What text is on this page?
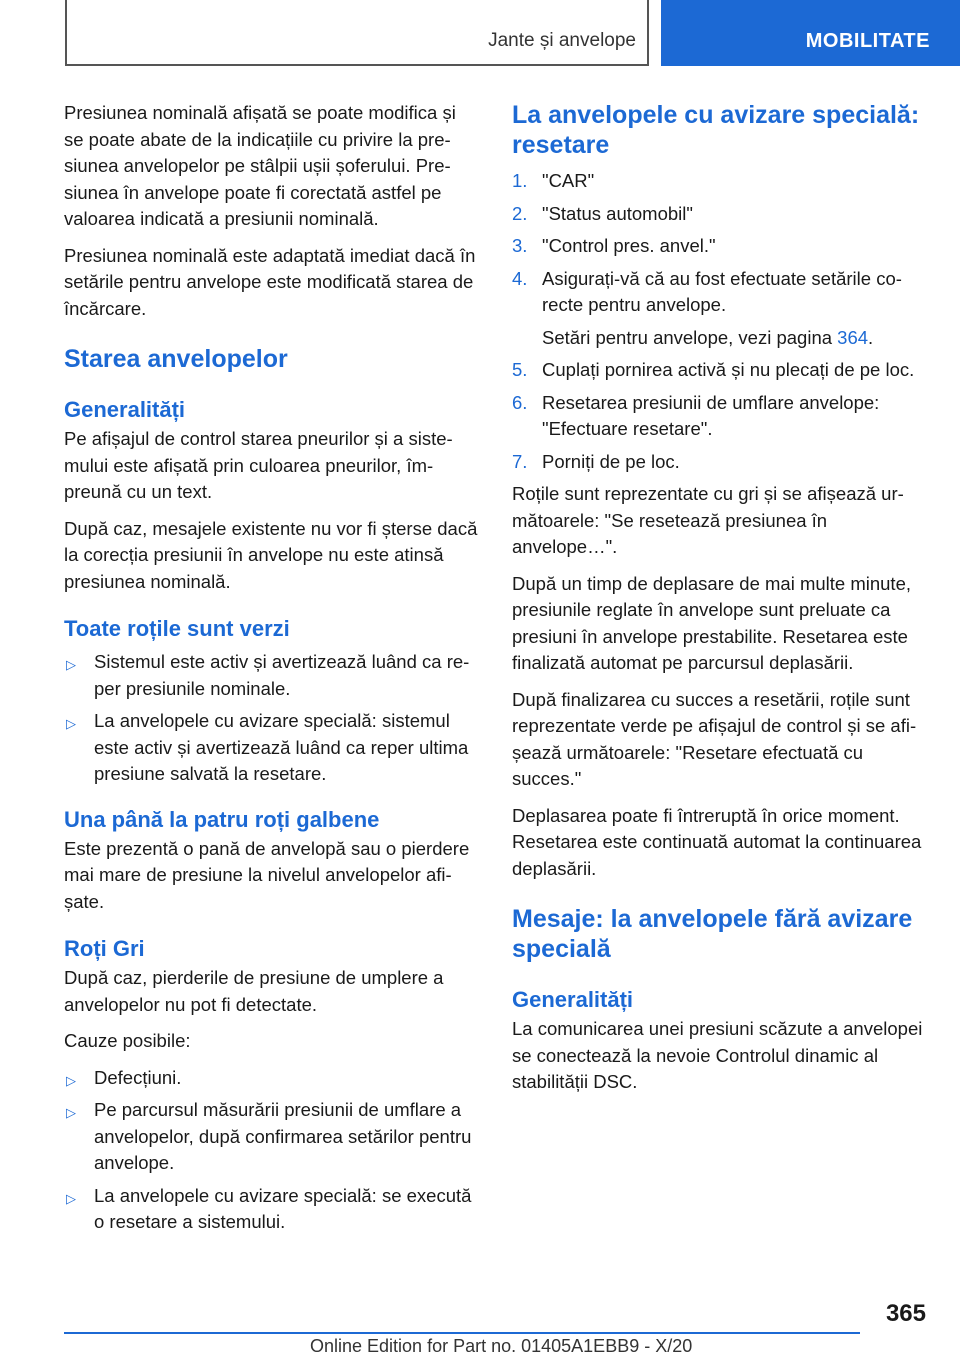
Jante și anvelope	MOBILITATE

Presiunea nominală afișată se poate modifica și se poate abate de la indicațiile cu privire la presiunea anvelopelor pe stâlpii ușii șoferului. Presiunea în anvelope poate fi corectată astfel pe valoarea indicată a presiunii nominală.

Presiunea nominală este adaptată imediat dacă în setările pentru anvelope este modificată starea de încărcare.

Starea anvelopelor
Generalități

Pe afișajul de control starea pneurilor și a sistemului este afișată prin culoarea pneurilor, împreună cu un text.

După caz, mesajele existente nu vor fi șterse dacă la corecția presiunii în anvelope nu este atinsă presiunea nominală.

Toate roțile sunt verzi
▷ Sistemul este activ și avertizează luând ca reper presiunile nominale.
▷ La anvelopele cu avizare specială: sistemul este activ și avertizează luând ca reper ultima presiune salvată la resetare.
Una până la patru roți galbene

Este prezentă o pană de anvelopă sau o pierdere mai mare de presiune la nivelul anvelopelor afișate.

Roți Gri

După caz, pierderile de presiune de umplere a anvelopelor nu pot fi detectate.

Cauze posibile:

▷ Defecțiuni.
▷ Pe parcursul măsurării presiunii de umflare a anvelopelor, după confirmarea setărilor pentru anvelope.
▷ La anvelopele cu avizare specială: se execută o resetare a sistemului.
La anvelopele cu avizare specială: resetare
1. "CAR"
2. "Status automobil"
3. "Control pres. anvel."
4. Asigurați-vă că au fost efectuate setările corecte pentru anvelope.
Setări pentru anvelope, vezi pagina 364.
5. Cuplați pornirea activă și nu plecați de pe loc.
6. Resetarea presiunii de umflare anvelope: "Efectuare resetare".
7. Porniți de pe loc.

Roțile sunt reprezentate cu gri și se afișează următoarele: "Se resetează presiunea în anvelope…".

După un timp de deplasare de mai multe minute, presiunile reglate în anvelope sunt preluate ca presiuni în anvelope prestabilite. Resetarea este finalizată automat pe parcursul deplasării.

După finalizarea cu succes a resetării, roțile sunt reprezentate verde pe afișajul de control și se afișează următoarele: "Resetare efectuată cu succes."

Deplasarea poate fi întreruptă în orice moment. Resetarea este continuată automat la continuarea deplasării.

Mesaje: la anvelopele fără avizare specială
Generalități

La comunicarea unei presiuni scăzute a anvelopei se conectează la nevoie Controlul dinamic al stabilității DSC.

365
Online Edition for Part no. 01405A1EBB9 - X/20
